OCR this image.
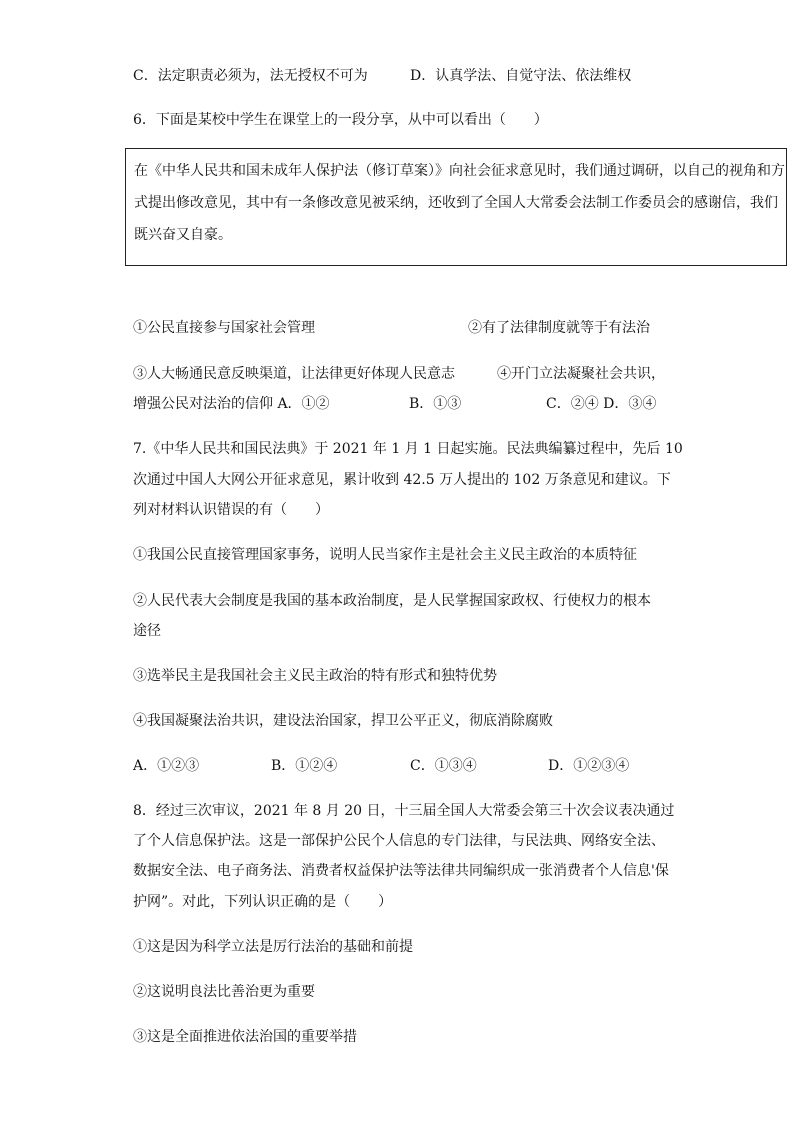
C．法定职责必须为，法无授权不可为	D．认真学法、自觉守法、依法维权
6．下面是某校中学生在课堂上的一段分享，从中可以看出（　　）
在《中华人民共和国未成年人保护法（修订草案）》向社会征求意见时，我们通过调研，以自己的视角和方
式提出修改意见，其中有一条修改意见被采纳，还收到了全国人大常委会法制工作委员会的感谢信，我们
既兴奋又自豪。
①公民直接参与国家社会管理	②有了法律制度就等于有法治
③人大畅通民意反映渠道，让法律更好体现人民意志	④开门立法凝聚社会共识，
增强公民对法治的信仰 A．①②	B．①③	C．②④ D．③④
7.《中华人民共和国民法典》于 2021 年 1 月 1 日起实施。民法典编纂过程中，先后 10
次通过中国人大网公开征求意见，累计收到 42.5 万人提出的 102 万条意见和建议。下
列对材料认识错误的有（　　）
①我国公民直接管理国家事务，说明人民当家作主是社会主义民主政治的本质特征
②人民代表大会制度是我国的基本政治制度，是人民掌握国家政权、行使权力的根本
途径
③选举民主是我国社会主义民主政治的特有形式和独特优势
④我国凝聚法治共识，建设法治国家，捍卫公平正义，彻底消除腐败
A．①②③	B．①②④	C．①③④	D．①②③④
8．经过三次审议，2021 年 8 月 20 日，十三届全国人大常委会第三十次会议表决通过
了个人信息保护法。这是一部保护公民个人信息的专门法律，与民法典、网络安全法、
数据安全法、电子商务法、消费者权益保护法等法律共同编织成一张消费者个人信息'保
护网”。对此，下列认识正确的是（　　）
①这是因为科学立法是厉行法治的基础和前提
②这说明良法比善治更为重要
③这是全面推进依法治国的重要举措
